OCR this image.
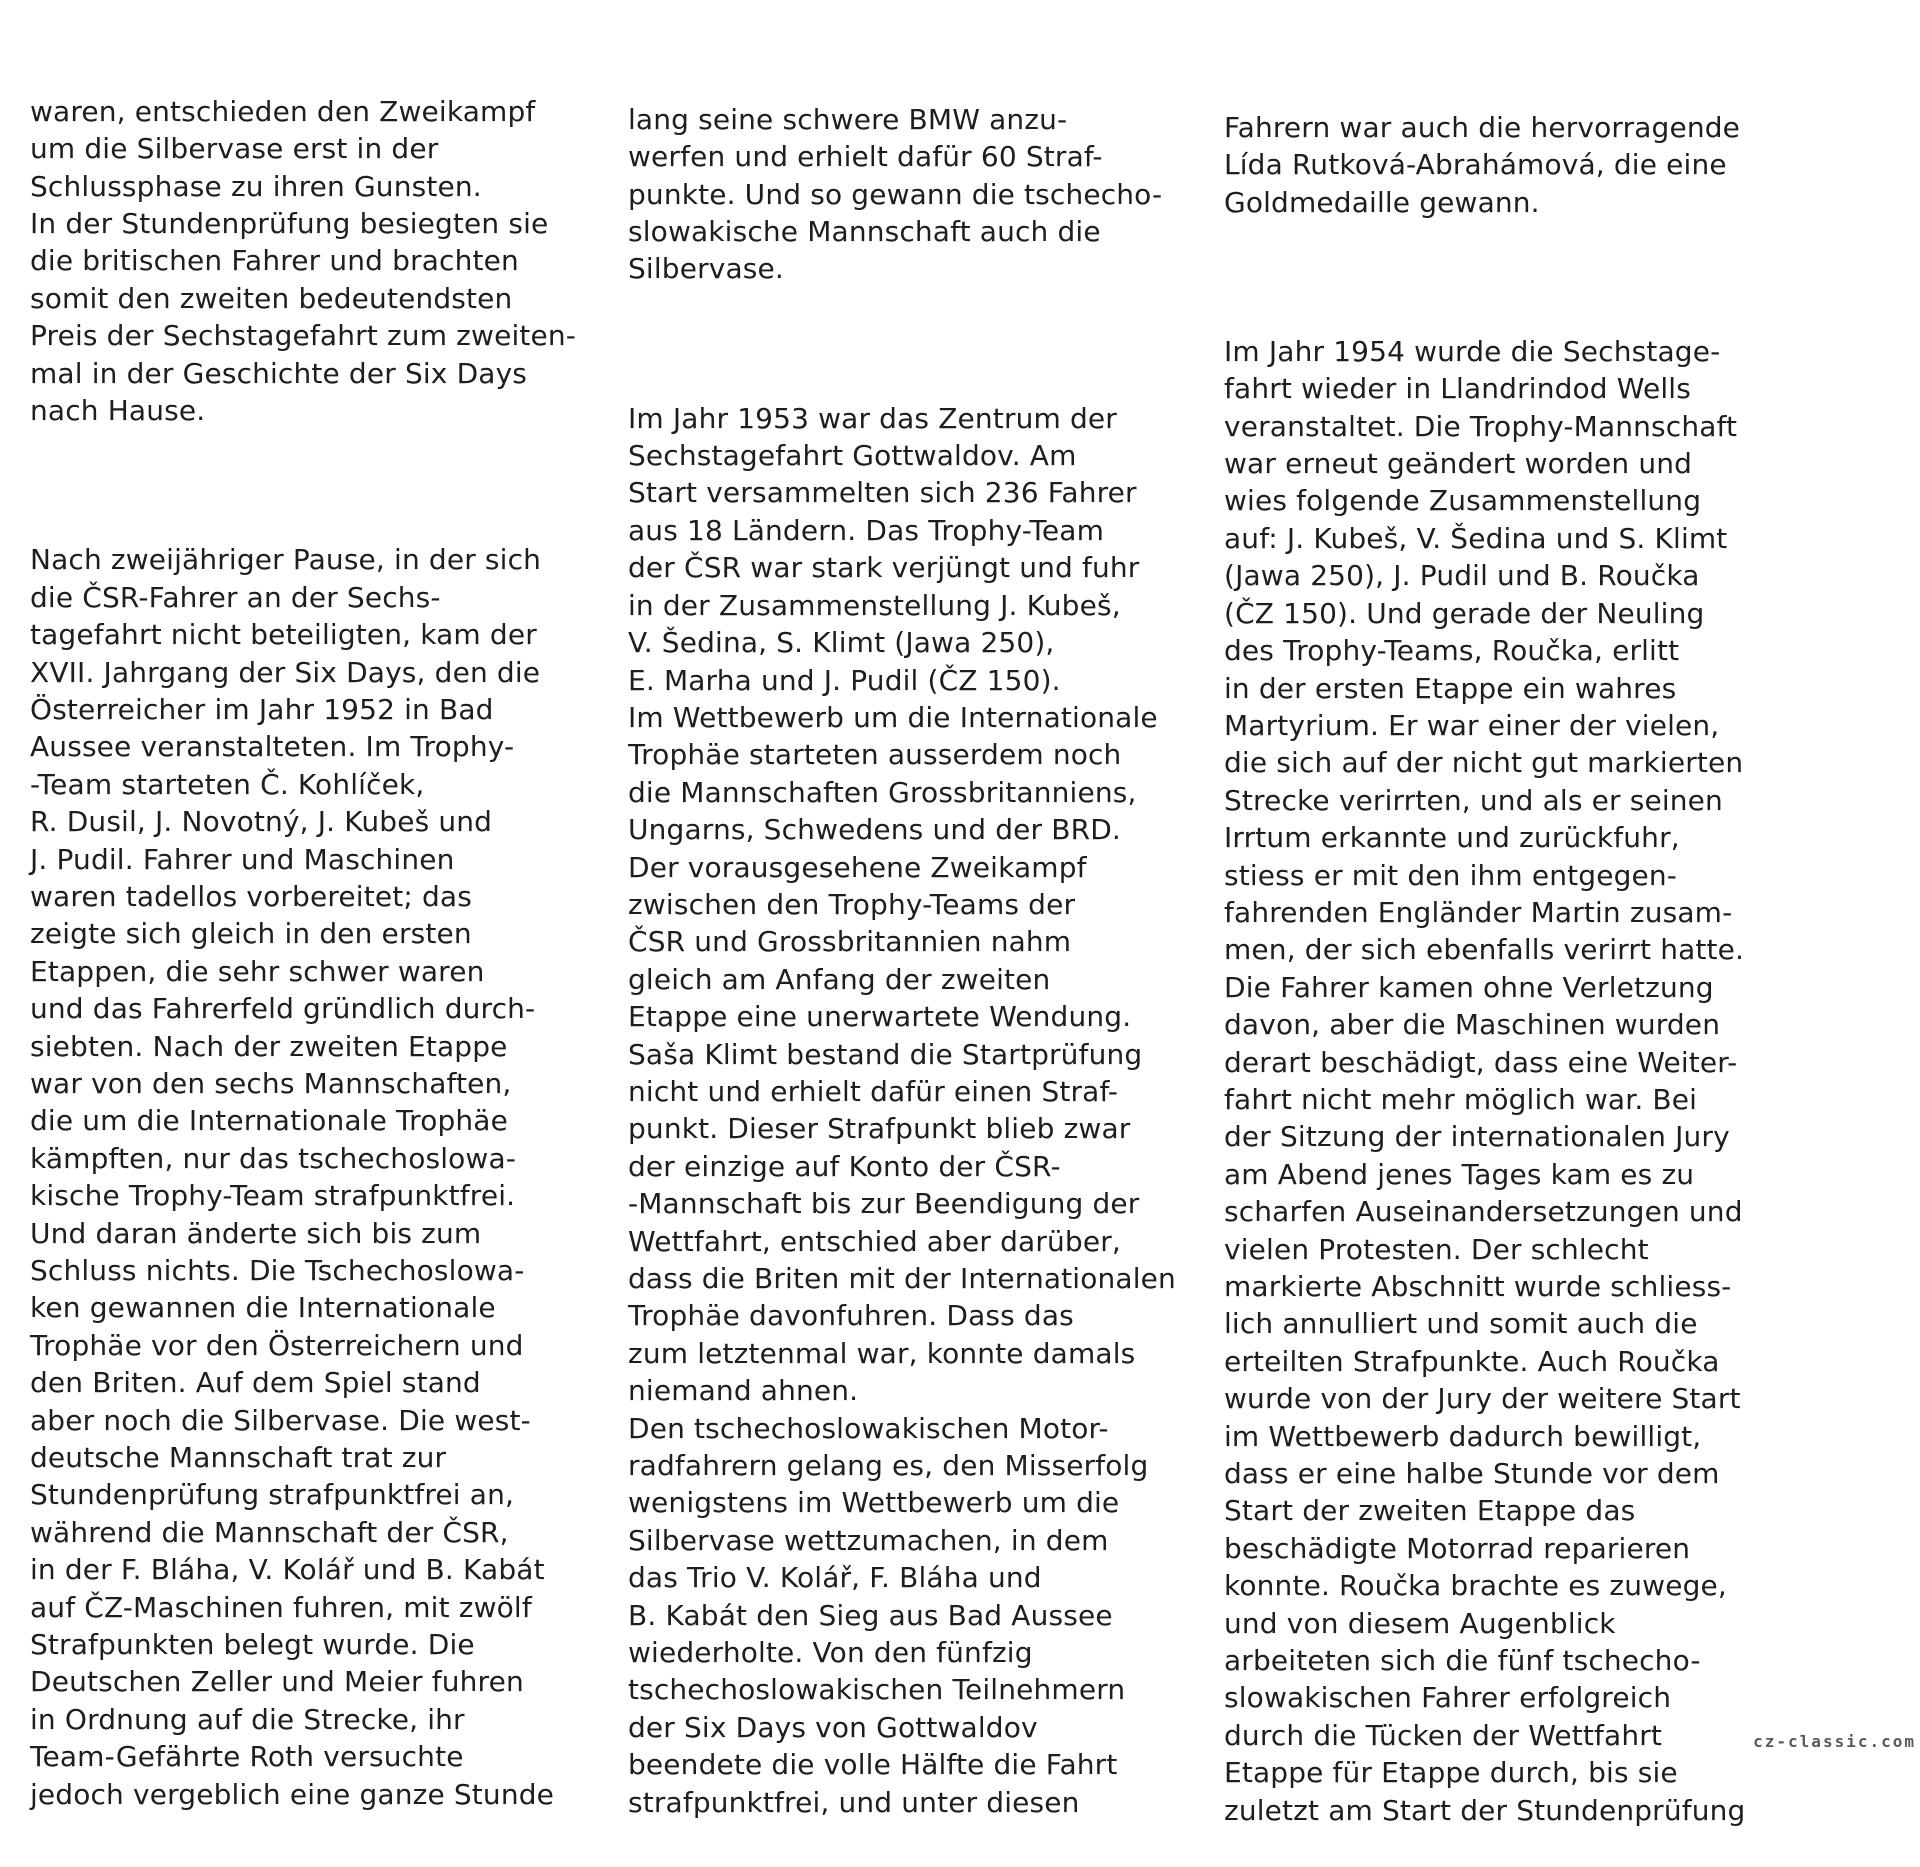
waren, entschieden den Zweikampf
um die Silbervase erst in der
Schlussphase zu ihren Gunsten.
In der Stundenprüfung besiegten sie
die britischen Fahrer und brachten
somit den zweiten bedeutendsten
Preis der Sechstagefahrt zum zweiten-
mal in der Geschichte der Six Days
nach Hause.

Nach zweijähriger Pause, in der sich
die ČSR-Fahrer an der Sechs-
tagefahrt nicht beteiligten, kam der
XVII. Jahrgang der Six Days, den die
Österreicher im Jahr 1952 in Bad
Aussee veranstalteten. Im Trophy-
-Team starteten Č. Kohlíček,
R. Dusil, J. Novotný, J. Kubeš und
J. Pudil. Fahrer und Maschinen
waren tadellos vorbereitet; das
zeigte sich gleich in den ersten
Etappen, die sehr schwer waren
und das Fahrerfeld gründlich durch-
siebten. Nach der zweiten Etappe
war von den sechs Mannschaften,
die um die Internationale Trophäe
kämpften, nur das tschechoslowa-
kische Trophy-Team strafpunktfrei.
Und daran änderte sich bis zum
Schluss nichts. Die Tschechoslowa-
ken gewannen die Internationale
Trophäe vor den Österreichern und
den Briten. Auf dem Spiel stand
aber noch die Silbervase. Die west-
deutsche Mannschaft trat zur
Stundenprüfung strafpunktfrei an,
während die Mannschaft der ČSR,
in der F. Bláha, V. Kolář und B. Kabát
auf ČZ-Maschinen fuhren, mit zwölf
Strafpunkten belegt wurde. Die
Deutschen Zeller und Meier fuhren
in Ordnung auf die Strecke, ihr
Team-Gefährte Roth versuchte
jedoch vergeblich eine ganze Stunde

lang seine schwere BMW anzu-
werfen und erhielt dafür 60 Straf-
punkte. Und so gewann die tschecho-
slowakische Mannschaft auch die
Silbervase.

Im Jahr 1953 war das Zentrum der
Sechstagefahrt Gottwaldov. Am
Start versammelten sich 236 Fahrer
aus 18 Ländern. Das Trophy-Team
der ČSR war stark verjüngt und fuhr
in der Zusammenstellung J. Kubeš,
V. Šedina, S. Klimt (Jawa 250),
E. Marha und J. Pudil (ČZ 150).
Im Wettbewerb um die Internationale
Trophäe starteten ausserdem noch
die Mannschaften Grossbritanniens,
Ungarns, Schwedens und der BRD.
Der vorausgesehene Zweikampf
zwischen den Trophy-Teams der
ČSR und Grossbritannien nahm
gleich am Anfang der zweiten
Etappe eine unerwartete Wendung.
Saša Klimt bestand die Startprüfung
nicht und erhielt dafür einen Straf-
punkt. Dieser Strafpunkt blieb zwar
der einzige auf Konto der ČSR-
-Mannschaft bis zur Beendigung der
Wettfahrt, entschied aber darüber,
dass die Briten mit der Internationalen
Trophäe davonfuhren. Dass das
zum letztenmal war, konnte damals
niemand ahnen.
Den tschechoslowakischen Motor-
radfahrern gelang es, den Misserfolg
wenigstens im Wettbewerb um die
Silbervase wettzumachen, in dem
das Trio V. Kolář, F. Bláha und
B. Kabát den Sieg aus Bad Aussee
wiederholte. Von den fünfzig
tschechoslowakischen Teilnehmern
der Six Days von Gottwaldov
beendete die volle Hälfte die Fahrt
strafpunktfrei, und unter diesen

Fahrern war auch die hervorragende
Lída Rutková-Abrahámová, die eine
Goldmedaille gewann.

Im Jahr 1954 wurde die Sechstage-
fahrt wieder in Llandrindod Wells
veranstaltet. Die Trophy-Mannschaft
war erneut geändert worden und
wies folgende Zusammenstellung
auf: J. Kubeš, V. Šedina und S. Klimt
(Jawa 250), J. Pudil und B. Roučka
(ČZ 150). Und gerade der Neuling
des Trophy-Teams, Roučka, erlitt
in der ersten Etappe ein wahres
Martyrium. Er war einer der vielen,
die sich auf der nicht gut markierten
Strecke verirrten, und als er seinen
Irrtum erkannte und zurückfuhr,
stiess er mit den ihm entgegen-
fahrenden Engländer Martin zusam-
men, der sich ebenfalls verirrt hatte.
Die Fahrer kamen ohne Verletzung
davon, aber die Maschinen wurden
derart beschädigt, dass eine Weiter-
fahrt nicht mehr möglich war. Bei
der Sitzung der internationalen Jury
am Abend jenes Tages kam es zu
scharfen Auseinandersetzungen und
vielen Protesten. Der schlecht
markierte Abschnitt wurde schliess-
lich annulliert und somit auch die
erteilten Strafpunkte. Auch Roučka
wurde von der Jury der weitere Start
im Wettbewerb dadurch bewilligt,
dass er eine halbe Stunde vor dem
Start der zweiten Etappe das
beschädigte Motorrad reparieren
konnte. Roučka brachte es zuwege,
und von diesem Augenblick
arbeiteten sich die fünf tschecho-
slowakischen Fahrer erfolgreich
durch die Tücken der Wettfahrt
Etappe für Etappe durch, bis sie
zuletzt am Start der Stundenprüfung

cz-classic.com
